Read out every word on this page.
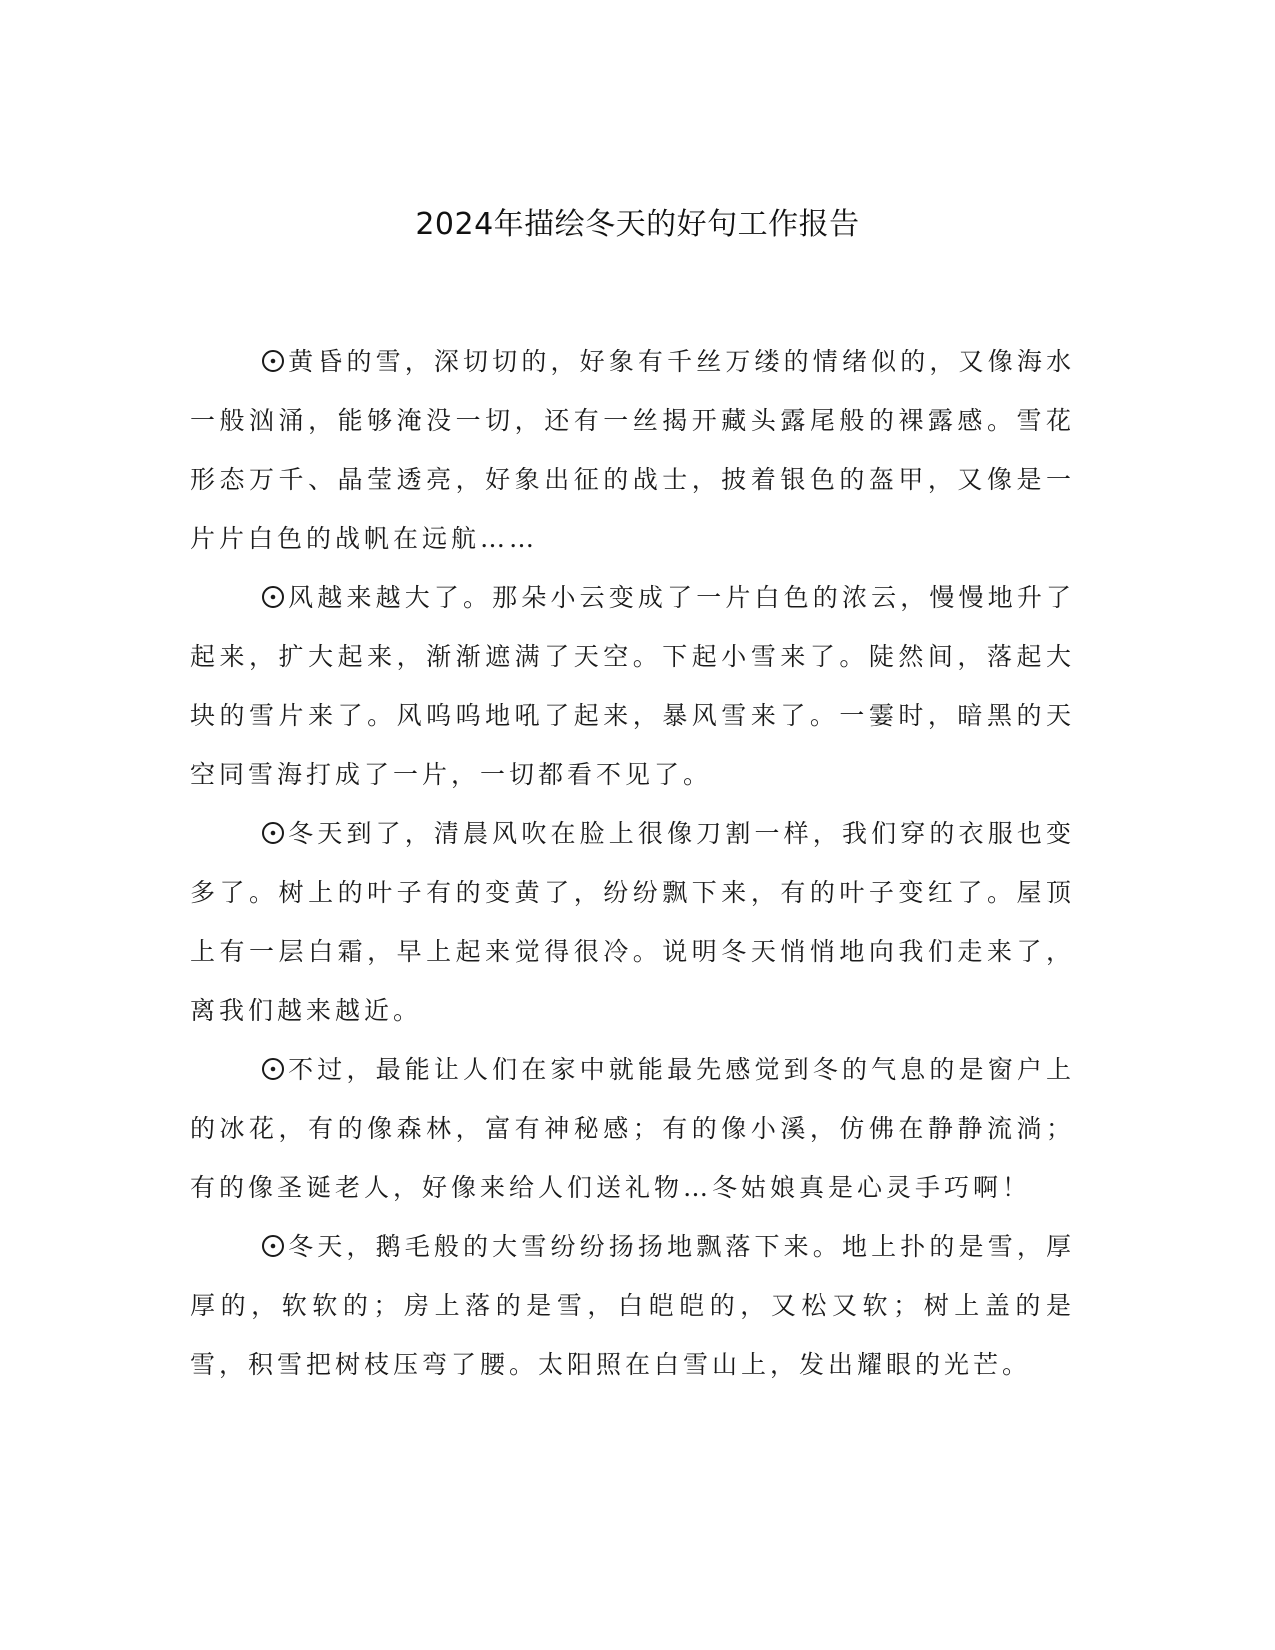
2024年描绘冬天的好句工作报告

黄昏的雪，深切切的，好象有千丝万缕的情绪似的，又像海水一般汹涌，能够淹没一切，还有一丝揭开藏头露尾般的裸露感。雪花形态万千、晶莹透亮，好象出征的战士，披着银色的盔甲，又像是一片片白色的战帆在远航……

风越来越大了。那朵小云变成了一片白色的浓云，慢慢地升了起来，扩大起来，渐渐遮满了天空。下起小雪来了。陡然间，落起大块的雪片来了。风呜呜地吼了起来，暴风雪来了。一霎时，暗黑的天空同雪海打成了一片，一切都看不见了。

冬天到了，清晨风吹在脸上很像刀割一样，我们穿的衣服也变多了。树上的叶子有的变黄了，纷纷飘下来，有的叶子变红了。屋顶上有一层白霜，早上起来觉得很冷。说明冬天悄悄地向我们走来了，离我们越来越近。

不过，最能让人们在家中就能最先感觉到冬的气息的是窗户上的冰花，有的像森林，富有神秘感；有的像小溪，仿佛在静静流淌；有的像圣诞老人，好像来给人们送礼物…冬姑娘真是心灵手巧啊！

冬天，鹅毛般的大雪纷纷扬扬地飘落下来。地上扑的是雪，厚厚的，软软的；房上落的是雪，白皑皑的，又松又软；树上盖的是雪，积雪把树枝压弯了腰。太阳照在白雪山上，发出耀眼的光芒。
